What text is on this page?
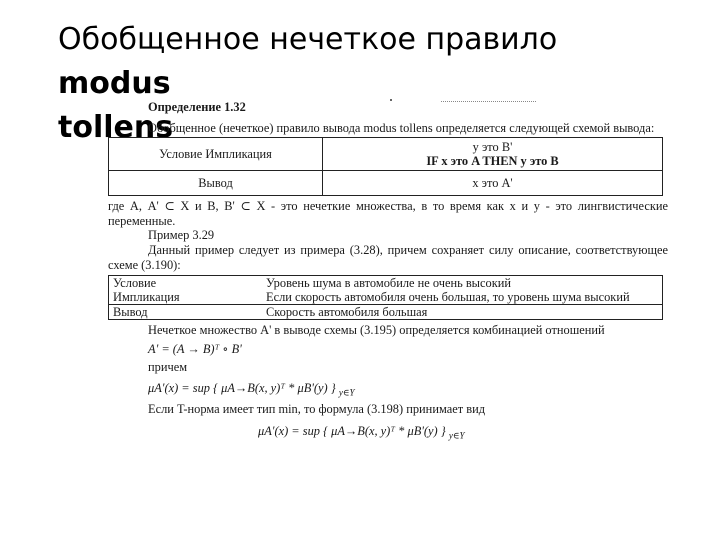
Обобщенное нечеткое правило modus
tollens

Определение 1.32

Обобщенное (нечеткое) правило вывода modus tollens определяется следующей схемой вывода:

Условие Импликация	у это B'
IF x это A THEN у это B

Вывод	х это A'

где А, А' ⊂ X и B, B' ⊂ X - это нечеткие множества, в то время как х и у - это лингвистические переменные.

Пример 3.29

Данный пример следует из примера (3.28), причем сохраняет силу описание, соответствующее схеме (3.190):

Условие	Уровень шума в автомобиле не очень высокий
Импликация	Если скорость автомобиля очень большая, то уровень шума высокий
Вывод	Скорость автомобиля большая

Нечеткое множество A' в выводе схемы (3.195) определяется комбинацией отношений

A' = (A → B)ᵀ ∘ B'

причем

μA'(x) = sup { μA→B(x, y)ᵀ * μB'(y) } $_{y\in Y}$

Если T-норма имеет тип min, то формула (3.198) принимает вид

μA'(x) = sup { μA→B(x, y)ᵀ * μB'(y) } $_{y\in Y}$
